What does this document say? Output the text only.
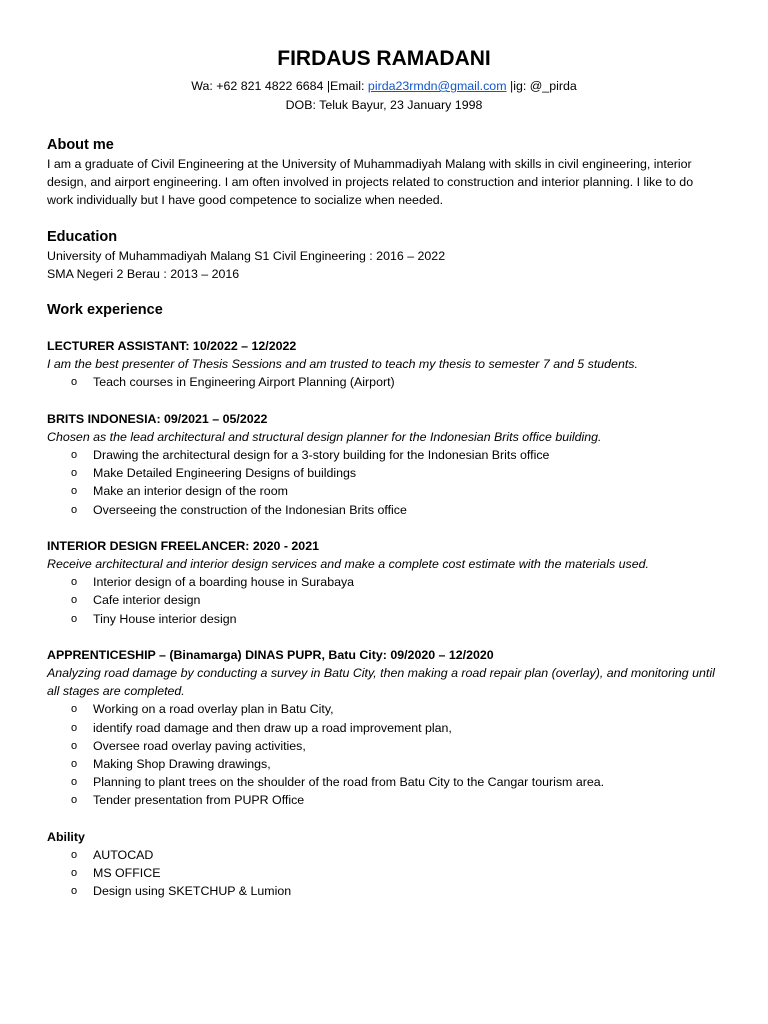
FIRDAUS RAMADANI
Wa: +62 821 4822 6684 |Email: pirda23rmdn@gmail.com |ig: @_pirda
DOB: Teluk Bayur, 23 January 1998
About me
I am a graduate of Civil Engineering at the University of Muhammadiyah Malang with skills in civil engineering, interior design, and airport engineering. I am often involved in projects related to construction and interior planning. I like to do work individually but I have good competence to socialize when needed.
Education
University of Muhammadiyah Malang S1 Civil Engineering : 2016 – 2022
SMA Negeri 2 Berau : 2013 – 2016
Work experience
LECTURER ASSISTANT: 10/2022 – 12/2022
I am the best presenter of Thesis Sessions and am trusted to teach my thesis to semester 7 and 5 students.
o Teach courses in Engineering Airport Planning (Airport)
BRITS INDONESIA: 09/2021 – 05/2022
Chosen as the lead architectural and structural design planner for the Indonesian Brits office building.
o Drawing the architectural design for a 3-story building for the Indonesian Brits office
o Make Detailed Engineering Designs of buildings
o Make an interior design of the room
o Overseeing the construction of the Indonesian Brits office
INTERIOR DESIGN FREELANCER: 2020 - 2021
Receive architectural and interior design services and make a complete cost estimate with the materials used.
o Interior design of a boarding house in Surabaya
o Cafe interior design
o Tiny House interior design
APPRENTICESHIP – (Binamarga) DINAS PUPR, Batu City: 09/2020 – 12/2020
Analyzing road damage by conducting a survey in Batu City, then making a road repair plan (overlay), and monitoring until all stages are completed.
o Working on a road overlay plan in Batu City,
o identify road damage and then draw up a road improvement plan,
o Oversee road overlay paving activities,
o Making Shop Drawing drawings,
o Planning to plant trees on the shoulder of the road from Batu City to the Cangar tourism area.
o Tender presentation from PUPR Office
Ability
o AUTOCAD
o MS OFFICE
o Design using SKETCHUP & Lumion
